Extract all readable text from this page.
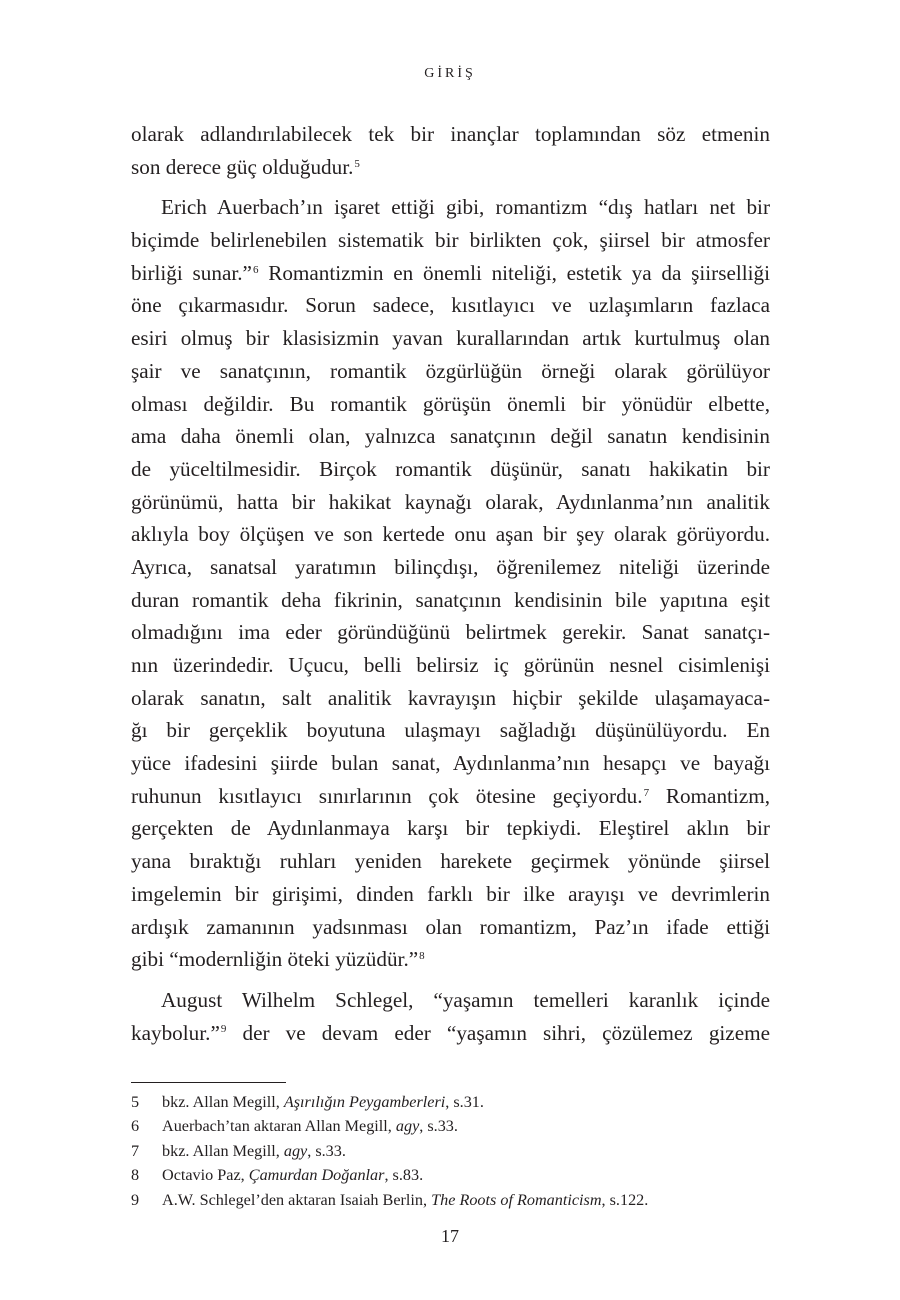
GİRİŞ
olarak adlandırılabilecek tek bir inançlar toplamından söz etmenin
son derece güç olduğudur.$^5$
Erich Auerbach’ın işaret ettiği gibi, romantizm “dış hatları net bir
biçimde belirlenebilen sistematik bir birlikten çok, şiirsel bir atmosfer
birliği sunar.”$^6$ Romantizmin en önemli niteliği, estetik ya da şiirselliği
öne çıkarmasıdır. Sorun sadece, kısıtlayıcı ve uzlaşımların fazlaca
esiri olmuş bir klasisizmin yavan kurallarından artık kurtulmuş olan
şair ve sanatçının, romantik özgürlüğün örneği olarak görülüyor
olması değildir. Bu romantik görüşün önemli bir yönüdür elbette,
ama daha önemli olan, yalnızca sanatçının değil sanatın kendisinin
de yüceltilmesidir. Birçok romantik düşünür, sanatı hakikatin bir
görünümü, hatta bir hakikat kaynağı olarak, Aydınlanma’nın analitik
aklıyla boy ölçüşen ve son kertede onu aşan bir şey olarak görüyordu.
Ayrıca, sanatsal yaratımın bilinçdışı, öğrenilemez niteliği üzerinde
duran romantik deha fikrinin, sanatçının kendisinin bile yapıtına eşit
olmadığını ima eder göründüğünü belirtmek gerekir. Sanat sanatçı-
nın üzerindedir. Uçucu, belli belirsiz iç görünün nesnel cisimlenişi
olarak sanatın, salt analitik kavrayışın hiçbir şekilde ulaşamayaca-
ğı bir gerçeklik boyutuna ulaşmayı sağladığı düşünülüyordu. En
yüce ifadesini şiirde bulan sanat, Aydınlanma’nın hesapçı ve bayağı
ruhunun kısıtlayıcı sınırlarının çok ötesine geçiyordu.$^7$ Romantizm,
gerçekten de Aydınlanmaya karşı bir tepkiydi. Eleştirel aklın bir
yana bıraktığı ruhları yeniden harekete geçirmek yönünde şiirsel
imgelemin bir girişimi, dinden farklı bir ilke arayışı ve devrimlerin
ardışık zamanının yadsınması olan romantizm, Paz’ın ifade ettiği
gibi “modernliğin öteki yüzüdür.”$^8$
August Wilhelm Schlegel, “yaşamın temelleri karanlık içinde
kaybolur.”$^9$ der ve devam eder “yaşamın sihri, çözülemez gizeme
5	bkz. Allan Megill, Aşırılığın Peygamberleri, s.31.
6	Auerbach’tan aktaran Allan Megill, agy, s.33.
7	bkz. Allan Megill, agy, s.33.
8	Octavio Paz, Çamurdan Doğanlar, s.83.
9	A.W. Schlegel’den aktaran Isaiah Berlin, The Roots of Romanticism, s.122.
17
